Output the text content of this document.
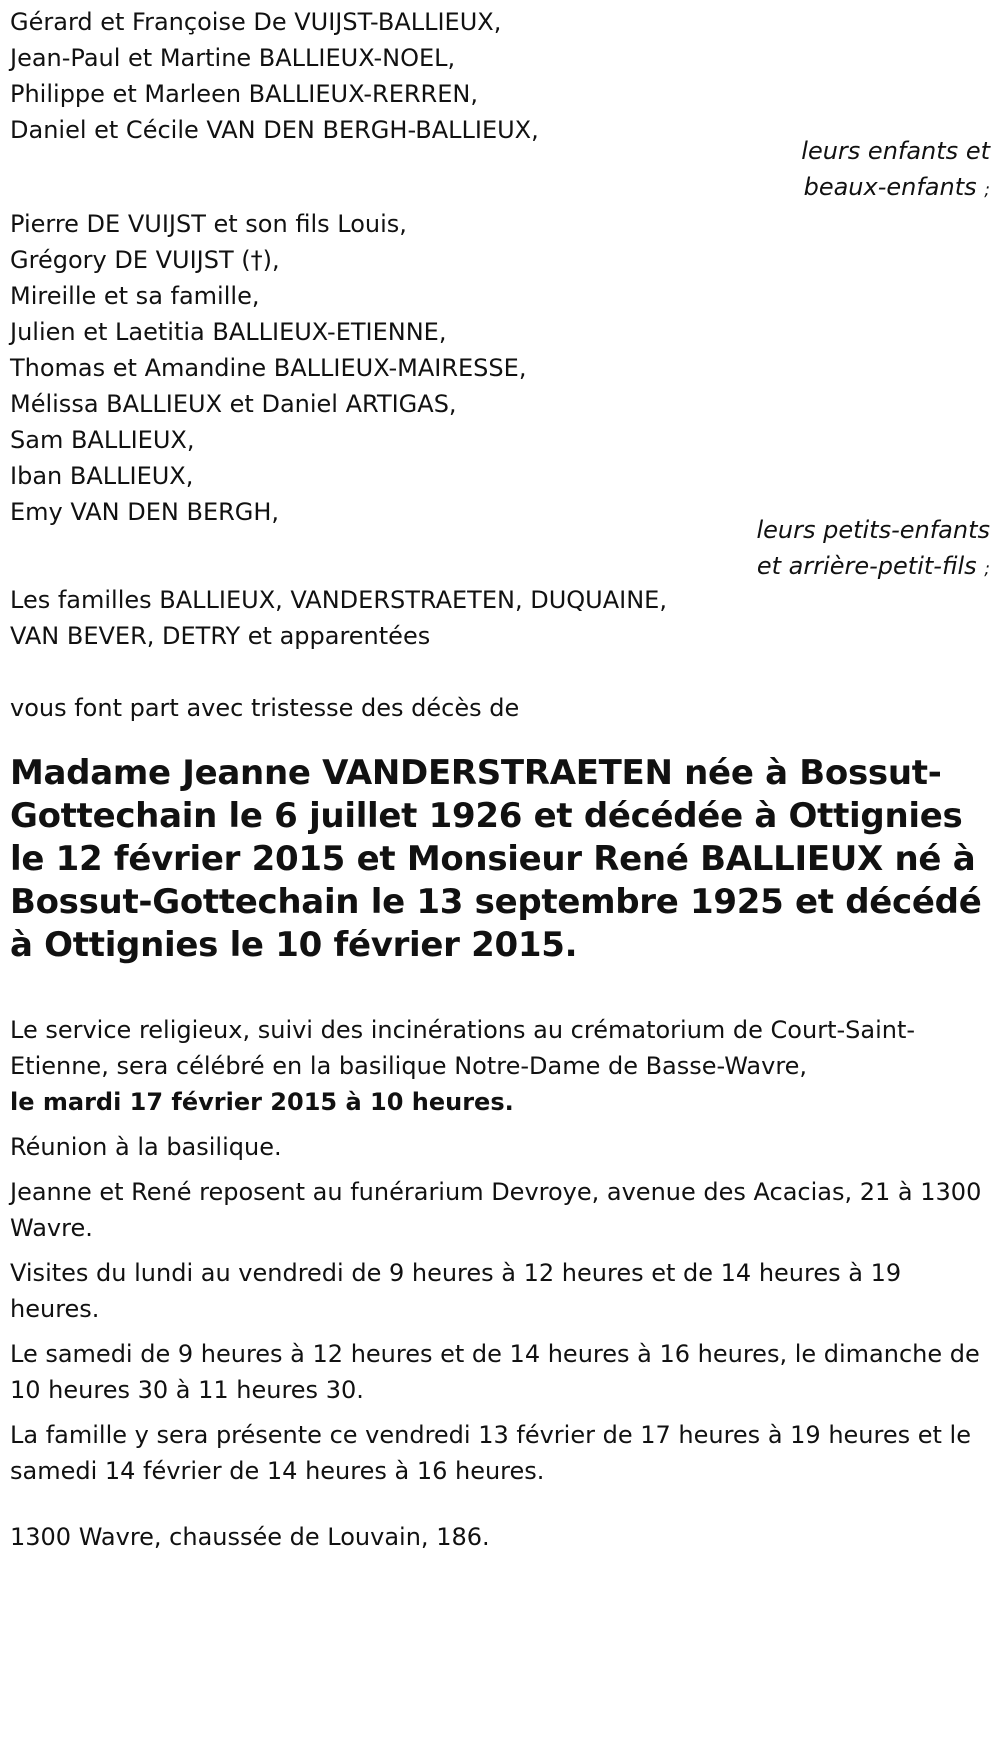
Gérard et Françoise De VUIJST-BALLIEUX,

Jean-Paul et Martine BALLIEUX-NOEL,

Philippe et Marleen BALLIEUX-RERREN,

Daniel et Cécile VAN DEN BERGH-BALLIEUX,

leurs enfants et
beaux-enfants ;

Pierre DE VUIJST et son fils Louis,

Grégory DE VUIJST (†),

Mireille et sa famille,

Julien et Laetitia BALLIEUX-ETIENNE,

Thomas et Amandine BALLIEUX-MAIRESSE,

Mélissa BALLIEUX et Daniel ARTIGAS,

Sam BALLIEUX,

Iban BALLIEUX,

Emy VAN DEN BERGH,

leurs petits-enfants
et arrière-petit-fils ;

Les familles BALLIEUX, VANDERSTRAETEN, DUQUAINE,

VAN BEVER, DETRY et apparentées

vous font part avec tristesse des décès de
Madame Jeanne VANDERSTRAETEN née à Bossut-Gottechain le 6 juillet 1926 et décédée à Ottignies le 12 février 2015 et Monsieur René BALLIEUX né à Bossut-Gottechain le 13 septembre 1925 et décédé à Ottignies le 10 février 2015.

Le service religieux, suivi des incinérations au crématorium de Court-Saint-Etienne, sera célébré en la basilique Notre-Dame de Basse-Wavre,
le mardi 17 février 2015 à 10 heures.

Réunion à la basilique.

Jeanne et René reposent au funérarium Devroye, avenue des Acacias, 21 à 1300 Wavre.

Visites du lundi au vendredi de 9 heures à 12 heures et de 14 heures à 19 heures.

Le samedi de 9 heures à 12 heures et de 14 heures à 16 heures, le dimanche de 10 heures 30 à 11 heures 30.

La famille y sera présente ce vendredi 13 février de 17 heures à 19 heures et le samedi 14 février de 14 heures à 16 heures.

1300 Wavre, chaussée de Louvain, 186.
